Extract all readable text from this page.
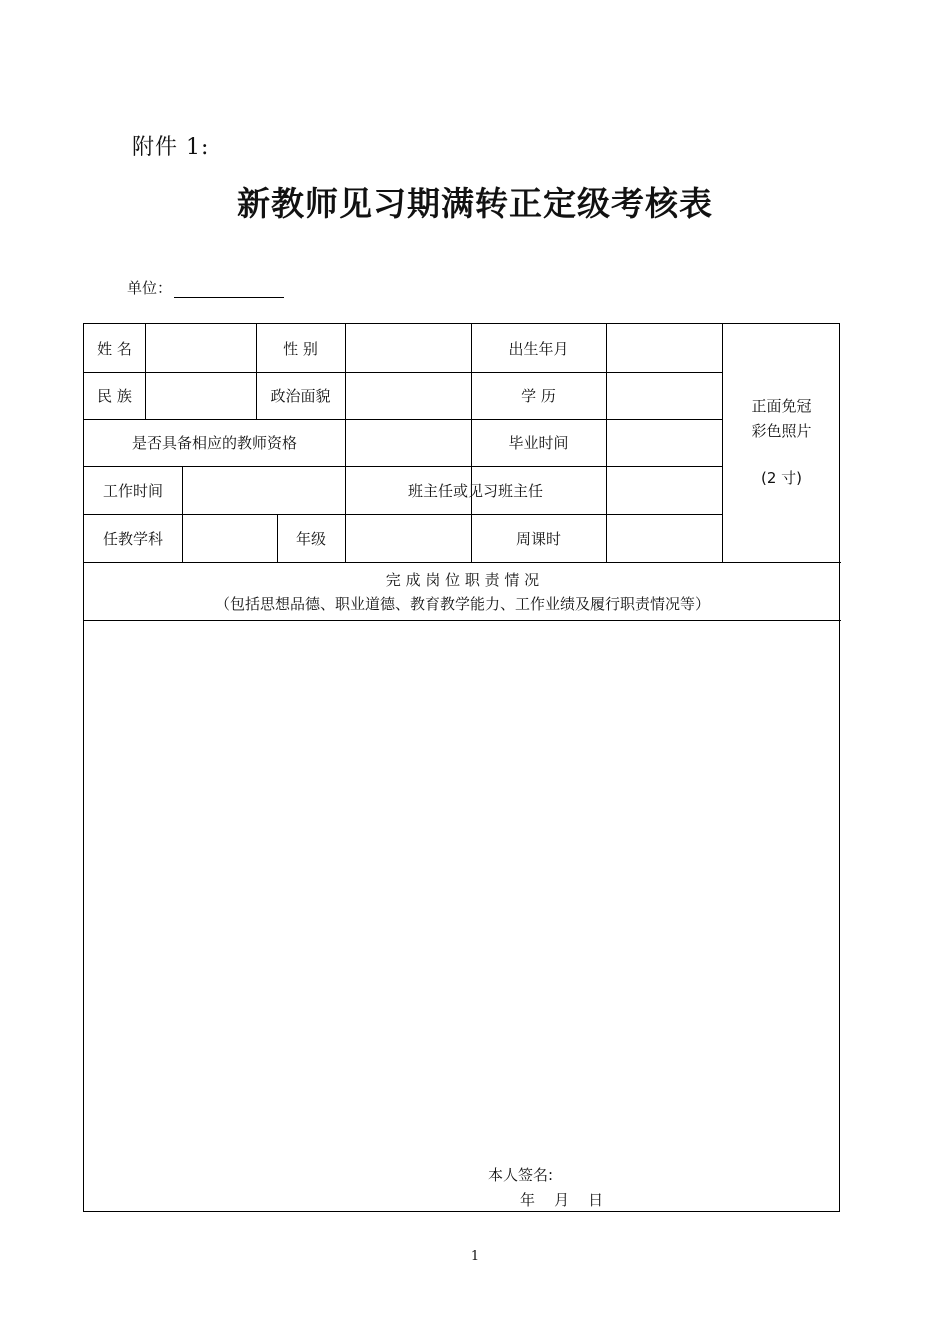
附件 1:
新教师见习期满转正定级考核表
单位：
姓 名	性 别	出生年月
民 族	政治面貌	学 历
是否具备相应的教师资格	毕业时间
工作时间	班主任或见习班主任
任教学科	年级	周课时
正面免冠
彩色照片
(2 寸)
完 成 岗 位 职 责 情 况
（包括思想品德、职业道德、教育教学能力、工作业绩及履行职责情况等）
本人签名:
年    月    日
1
